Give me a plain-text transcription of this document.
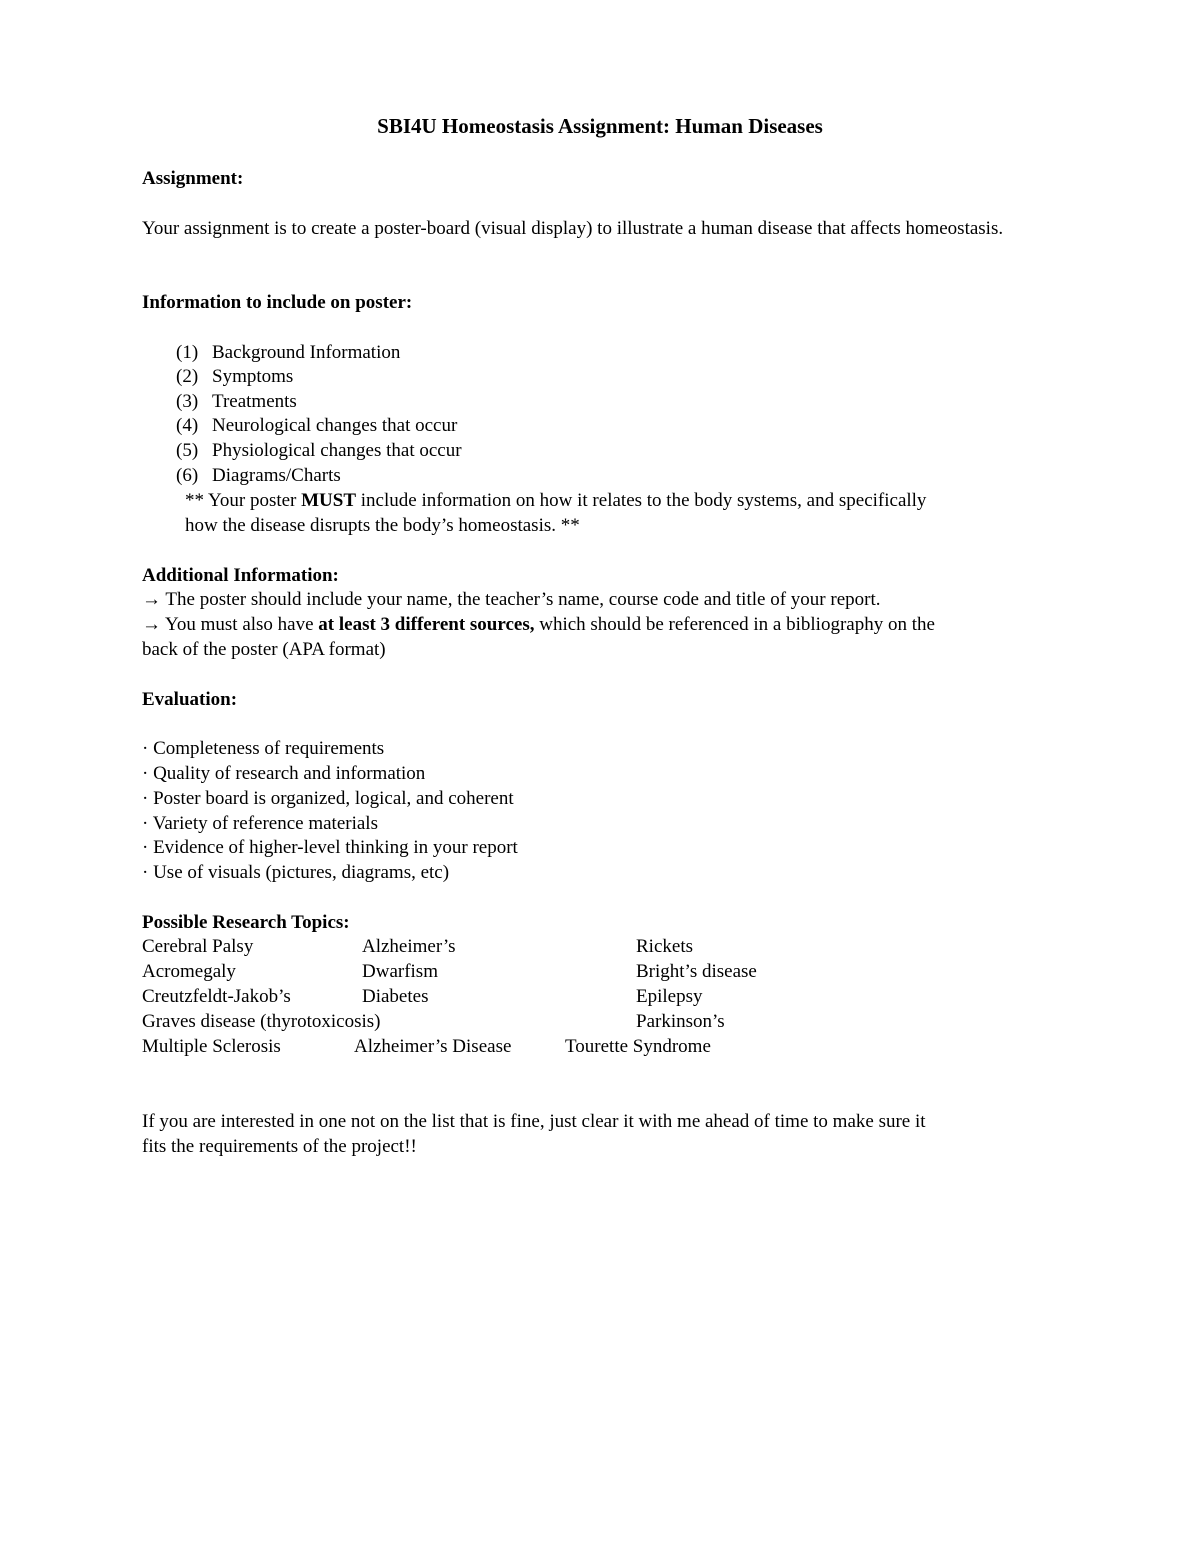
SBI4U Homeostasis Assignment: Human Diseases
Assignment:
Your assignment is to create a poster-board (visual display) to illustrate a human disease that affects homeostasis.
Information to include on poster:
(1) Background Information
(2) Symptoms
(3) Treatments
(4) Neurological changes that occur
(5) Physiological changes that occur
(6) Diagrams/Charts
** Your poster MUST include information on how it relates to the body systems, and specifically
how the disease disrupts the body’s homeostasis. **
Additional Information:
→ The poster should include your name, the teacher’s name, course code and title of your report.
→ You must also have at least 3 different sources, which should be referenced in a bibliography on the
back of the poster (APA format)
Evaluation:
· Completeness of requirements
· Quality of research and information
· Poster board is organized, logical, and coherent
· Variety of reference materials
· Evidence of higher-level thinking in your report
· Use of visuals (pictures, diagrams, etc)
Possible Research Topics:
Cerebral Palsy	Alzheimer’s	Rickets
Acromegaly	Dwarfism	Bright’s disease
Creutzfeldt-Jakob’s	Diabetes	Epilepsy
Graves disease (thyrotoxicosis)	Parkinson’s
Multiple Sclerosis	Alzheimer’s Disease	Tourette Syndrome
If you are interested in one not on the list that is fine, just clear it with me ahead of time to make sure it
fits the requirements of the project!!
